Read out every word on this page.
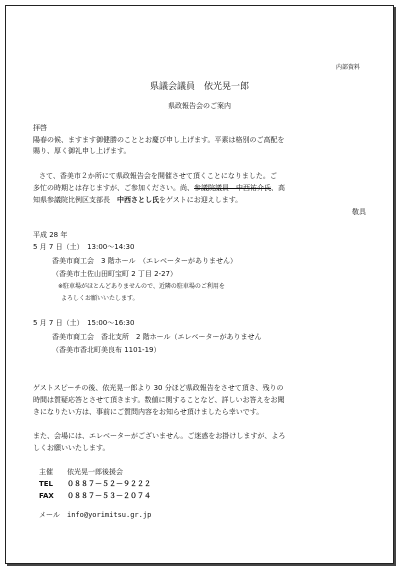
内部資料
県議会議員　依光晃一郎
県政報告会のご案内
拝啓
陽春の候、ますます御健勝のこととお慶び申し上げます。平素は格別のご高配を
賜り、厚く御礼申し上げます。
さて、香美市２か所にて県政報告会を開催させて頂くことになりました。ご
多忙の時期とは存じますが、ご参加ください。尚、参議院議員　中西祐介氏、高
知県参議院比例区支部長　中西さとし氏をゲストにお迎えします。
敬具
平成 28 年
5 月 7 日（土）　13:00～14:30
香美市商工会　3 階ホール　（エレベーターがありません）
（香美市土佐山田町宝町 2 丁目 2-27）
※駐車場がほとんどありませんので、近隣の駐車場のご利用を
よろしくお願いいたします。
5 月 7 日（土）　15:00～16:30
香美市商工会　香北支所　2 階ホール（エレベーターがありません
（香美市香北町美良布 1101-19）
ゲストスピーチの後、依光晃一郎より 30 分ほど県政報告をさせて頂き、残りの
時間は質疑応答とさせて頂きます。数値に関することなど、詳しいお答えをお聞
きになりたい方は、事前にご質問内容をお知らせ頂けましたら幸いです。
また、会場には、エレベーターがございません。ご迷惑をお掛けしますが、よろ
しくお願いいたします。
主催 依光晃一郎後援会
TEL ０８８７－５２－９２２２
FAX ０８８７－５３－２０７４
メール info@yorimitsu.gr.jp
